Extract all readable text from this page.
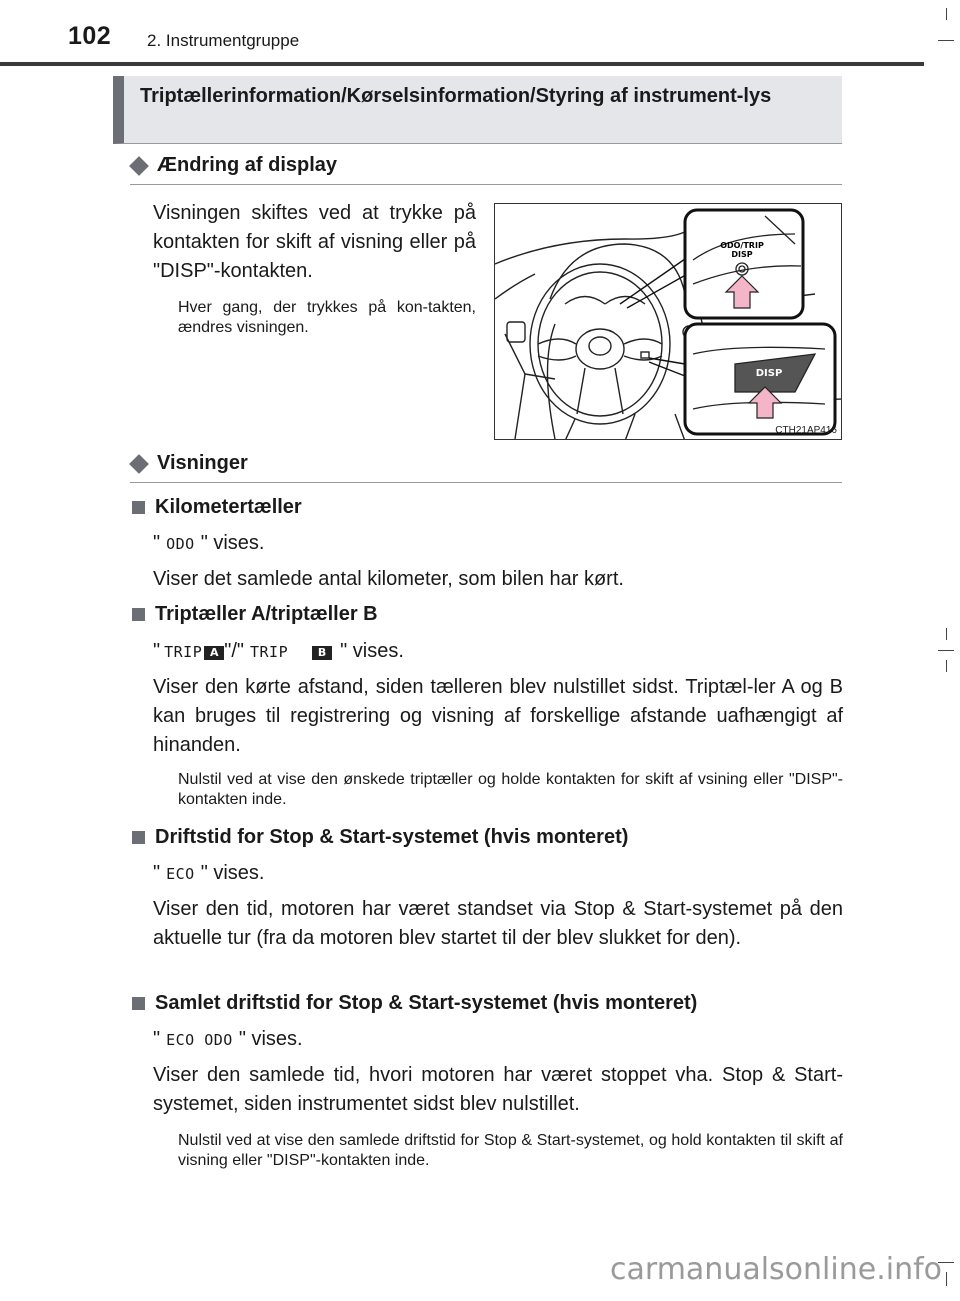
102 2. Instrumentgruppe
Triptællerinformation/Kørselsinformation/Styring af instrument-lys
Ændring af display
Visningen skiftes ved at trykke på kontakten for skift af visning eller på "DISP"-kontakten.
Hver gang, der trykkes på kon-takten, ændres visningen.
ODO/TRIP
DISP
DISP
CTH21AP416
Visninger
Kilometertæller
" ODO " vises.
Viser det samlede antal kilometer, som bilen har kørt.
Triptæller A/triptæller B
" TRIP A "/" TRIP	B " vises.
Viser den kørte afstand, siden tælleren blev nulstillet sidst. Triptæl-ler A og B kan bruges til registrering og visning af forskellige afstande uafhængigt af hinanden.
Nulstil ved at vise den ønskede triptæller og holde kontakten for skift af vsining eller "DISP"-kontakten inde.
Driftstid for Stop & Start-systemet (hvis monteret)
" ECO " vises.
Viser den tid, motoren har været standset via Stop & Start-systemet på den aktuelle tur (fra da motoren blev startet til der blev slukket for den).
Samlet driftstid for Stop & Start-systemet (hvis monteret)
" ECO ODO " vises.
Viser den samlede tid, hvori motoren har været stoppet vha. Stop & Start-systemet, siden instrumentet sidst blev nulstillet.
Nulstil ved at vise den samlede driftstid for Stop & Start-systemet, og hold kontakten til skift af visning eller "DISP"-kontakten inde.
carmanualsonline.info
